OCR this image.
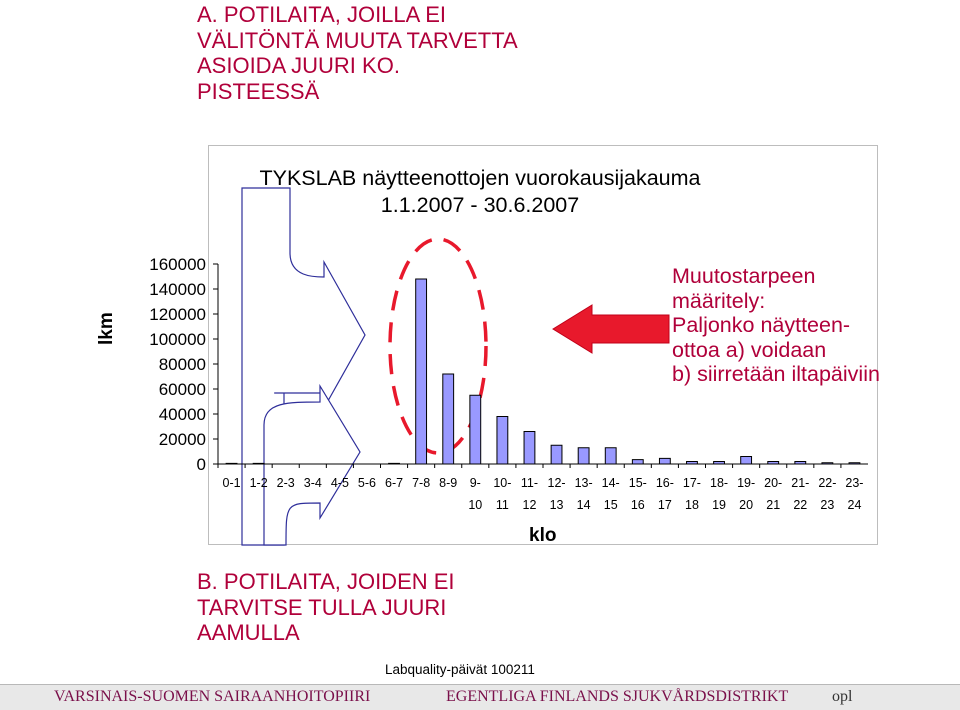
A. POTILAITA, JOILLA EI VÄLITÖNTÄ MUUTA TARVETTA ASIOIDA JUURI KO. PISTEESSÄ
0
20000
40000
60000
80000
100000
120000
140000
160000
0-1 1-2 2-3 3-4 4-5 5-6 6-7 7-8 8-9 9-
10
10-
11
11-
12
12-
13
13-
14
14-
15
15-
16
16-
17
17-
18
18-
19
19-
20
20-
21
21-
22
22-
23
23-
24
TYKSLAB näytteenottojen vuorokausijakauma
1.1.2007 - 30.6.2007
lkm
klo
Muutostarpeen
määritely:
Paljonko näytteen-
ottoa a) voidaan
b) siirretään iltapäiviin
B. POTILAITA, JOIDEN EI TARVITSE TULLA JUURI AAMULLA
Labquality-päivät 100211
VARSINAIS-SUOMEN SAIRAANHOITOPIIRI	EGENTLIGA FINLANDS SJUKVÅRDSDISTRIKT	opl
